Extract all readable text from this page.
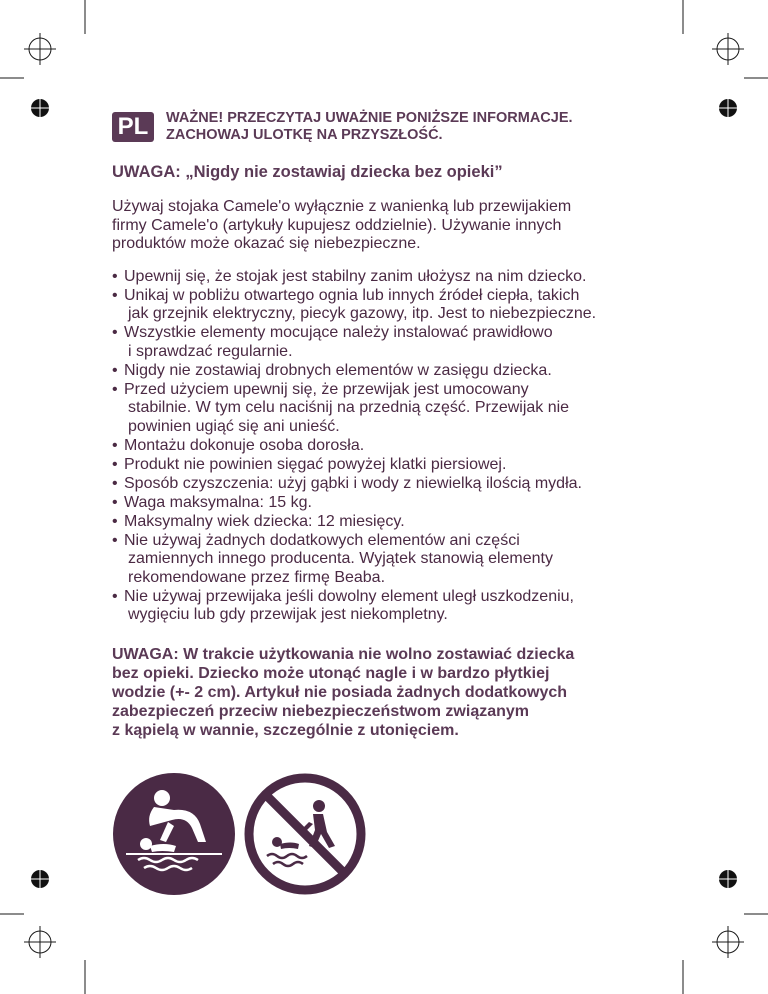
PL	WAŻNE! PRZECZYTAJ UWAŻNIE PONIŻSZE INFORMACJE.
ZACHOWAJ ULOTKĘ NA PRZYSZŁOŚĆ.
UWAGA: „Nigdy nie zostawiaj dziecka bez opieki”
Używaj stojaka Camele'o wyłącznie z wanienką lub przewijakiem
firmy Camele'o (artykuły kupujesz oddzielnie). Używanie innych
produktów może okazać się niebezpieczne.
• Upewnij się, że stojak jest stabilny zanim ułożysz na nim dziecko.
• Unikaj w pobliżu otwartego ognia lub innych źródeł ciepła, takich
jak grzejnik elektryczny, piecyk gazowy, itp. Jest to niebezpieczne.
• Wszystkie elementy mocujące należy instalować prawidłowo
i sprawdzać regularnie.
• Nigdy nie zostawiaj drobnych elementów w zasięgu dziecka.
• Przed użyciem upewnij się, że przewijak jest umocowany
stabilnie. W tym celu naciśnij na przednią część. Przewijak nie
powinien ugiąć się ani unieść.
• Montażu dokonuje osoba dorosła.
• Produkt nie powinien sięgać powyżej klatki piersiowej.
• Sposób czyszczenia: użyj gąbki i wody z niewielką ilością mydła.
• Waga maksymalna: 15 kg.
• Maksymalny wiek dziecka: 12 miesięcy.
• Nie używaj żadnych dodatkowych elementów ani części
zamiennych innego producenta. Wyjątek stanowią elementy
rekomendowane przez firmę Beaba.
• Nie używaj przewijaka jeśli dowolny element uległ uszkodzeniu,
wygięciu lub gdy przewijak jest niekompletny.
UWAGA: W trakcie użytkowania nie wolno zostawiać dziecka
bez opieki. Dziecko może utonąć nagle i w bardzo płytkiej
wodzie (+- 2 cm). Artykuł nie posiada żadnych dodatkowych
zabezpieczeń przeciw niebezpieczeństwom związanym
z kąpielą w wannie, szczególnie z utonięciem.
